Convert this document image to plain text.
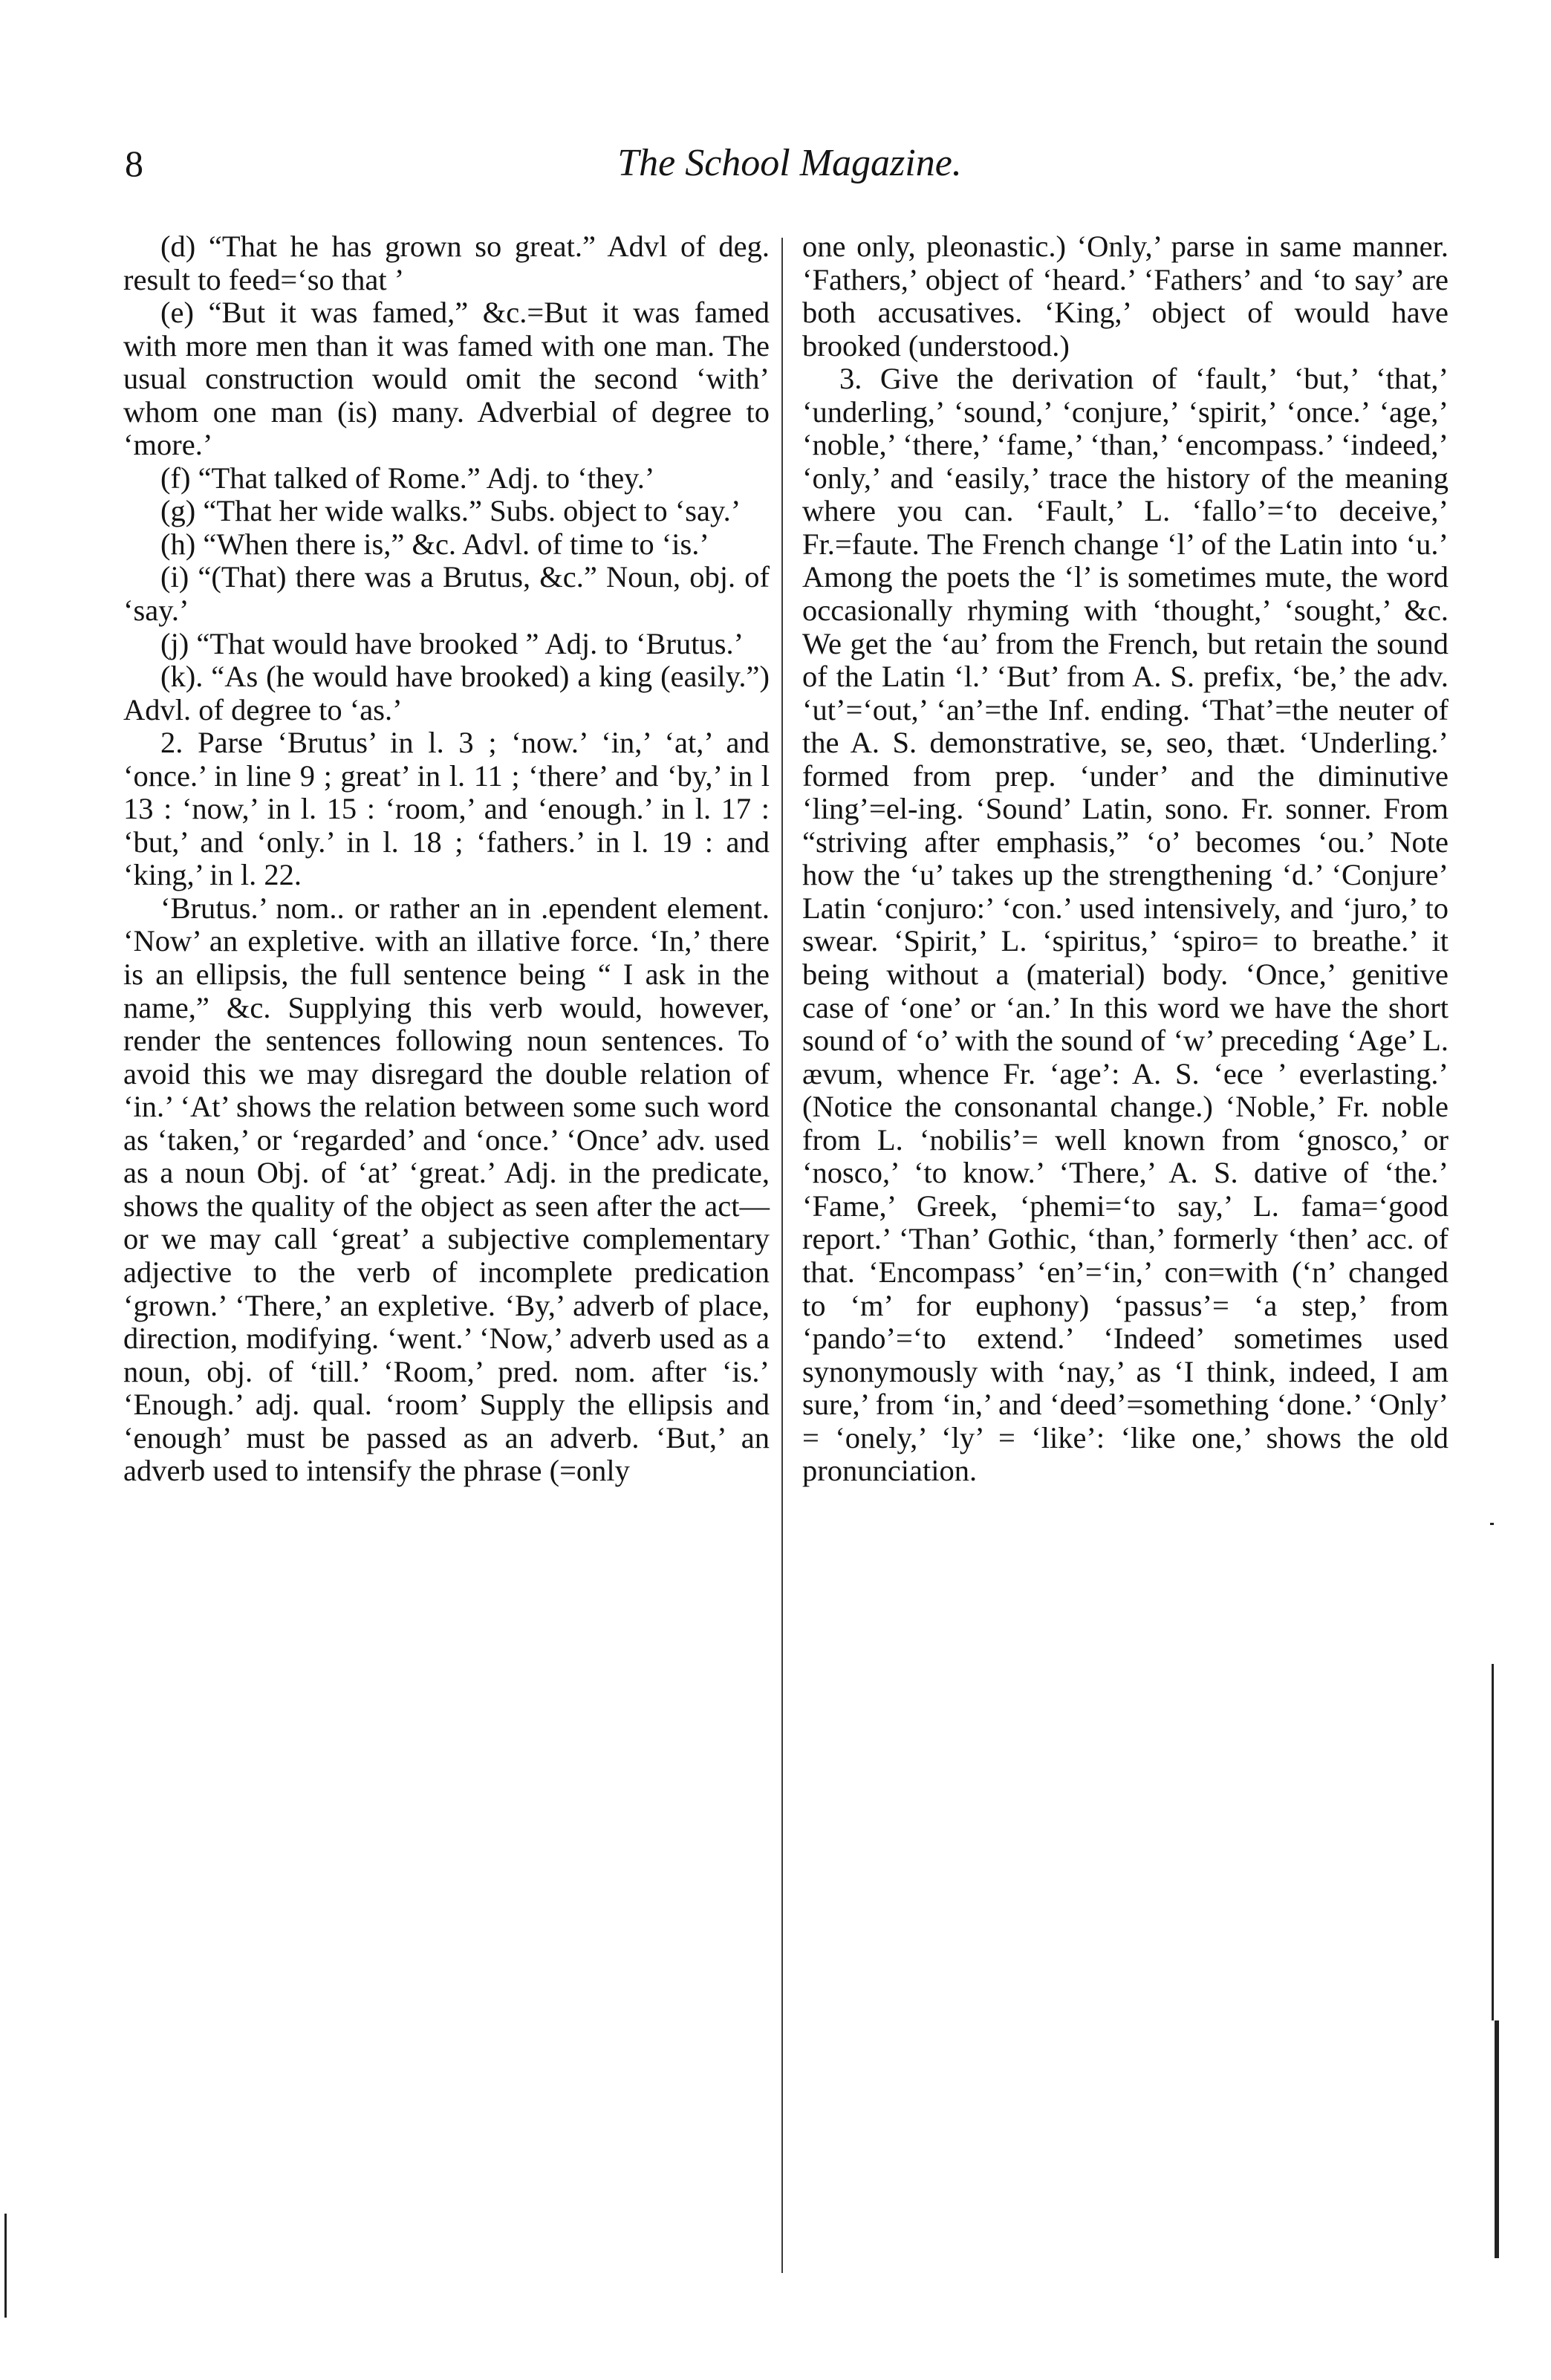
8	The School Magazine.

(d) “That he has grown so great.” Advl of deg. result to feed=‘so that ’

(e) “But it was famed,” &c.=But it was famed with more men than it was famed with one man. The usual construction would omit the second ‘with’ whom one man (is) many. Adverbial of degree to ‘more.’

(f) “That talked of Rome.” Adj. to ‘they.’

(g) “That her wide walks.” Subs. object to ‘say.’

(h) “When there is,” &c. Advl. of time to ‘is.’

(i) “(That) there was a Brutus, &c.” Noun, obj. of ‘say.’

(j) “That would have brooked ” Adj. to ‘Brutus.’

(k). “As (he would have brooked) a king (easily.”) Advl. of degree to ‘as.’

2. Parse ‘Brutus’ in l. 3 ; ‘now.’ ‘in,’ ‘at,’ and ‘once.’ in line 9 ; great’ in l. 11 ; ‘there’ and ‘by,’ in l 13 : ‘now,’ in l. 15 : ‘room,’ and ‘enough.’ in l. 17 : ‘but,’ and ‘only.’ in l. 18 ; ‘fathers.’ in l. 19 : and ‘king,’ in l. 22.

‘Brutus.’ nom.. or rather an in .ependent element. ‘Now’ an expletive. with an illative force. ‘In,’ there is an ellipsis, the full sentence being “ I ask in the name,” &c. Supplying this verb would, however, render the sentences following noun sentences. To avoid this we may disregard the double relation of ‘in.’ ‘At’ shows the relation between some such word as ‘taken,’ or ‘regarded’ and ‘once.’ ‘Once’ adv. used as a noun Obj. of ‘at’ ‘great.’ Adj. in the predicate, shows the quality of the object as seen after the act—or we may call ‘great’ a subjective complementary adjective to the verb of incomplete predication ‘grown.’ ‘There,’ an expletive. ‘By,’ adverb of place, direction, modifying. ‘went.’ ‘Now,’ adverb used as a noun, obj. of ‘till.’ ‘Room,’ pred. nom. after ‘is.’ ‘Enough.’ adj. qual. ‘room’ Supply the ellipsis and ‘enough’ must be passed as an adverb. ‘But,’ an adverb used to intensify the phrase (=only

one only, pleonastic.) ‘Only,’ parse in same manner. ‘Fathers,’ object of ‘heard.’ ‘Fathers’ and ‘to say’ are both accusatives. ‘King,’ object of would have brooked (understood.)

3. Give the derivation of ‘fault,’ ‘but,’ ‘that,’ ‘underling,’ ‘sound,’ ‘conjure,’ ‘spirit,’ ‘once.’ ‘age,’ ‘noble,’ ‘there,’ ‘fame,’ ‘than,’ ‘encompass.’ ‘indeed,’ ‘only,’ and ‘easily,’ trace the history of the meaning where you can. ‘Fault,’ L. ‘fallo’=‘to deceive,’ Fr.=faute. The French change ‘l’ of the Latin into ‘u.’ Among the poets the ‘l’ is sometimes mute, the word occasionally rhyming with ‘thought,’ ‘sought,’ &c. We get the ‘au’ from the French, but retain the sound of the Latin ‘l.’ ‘But’ from A. S. prefix, ‘be,’ the adv. ‘ut’=‘out,’ ‘an’=the Inf. ending. ‘That’=the neuter of the A. S. demonstrative, se, seo, thæt. ‘Underling.’ formed from prep. ‘under’ and the diminutive ‘ling’=el-ing. ‘Sound’ Latin, sono. Fr. sonner. From “striving after emphasis,” ‘o’ becomes ‘ou.’ Note how the ‘u’ takes up the strengthening ‘d.’ ‘Conjure’ Latin ‘conjuro:’ ‘con.’ used intensively, and ‘juro,’ to swear. ‘Spirit,’ L. ‘spiritus,’ ‘spiro= to breathe.’ it being without a (material) body. ‘Once,’ genitive case of ‘one’ or ‘an.’ In this word we have the short sound of ‘o’ with the sound of ‘w’ preceding ‘Age’ L. ævum, whence Fr. ‘age’: A. S. ‘ece ’ everlasting.’ (Notice the consonantal change.) ‘Noble,’ Fr. noble from L. ‘nobilis’= well known from ‘gnosco,’ or ‘nosco,’ ‘to know.’ ‘There,’ A. S. dative of ‘the.’ ‘Fame,’ Greek, ‘phemi=‘to say,’ L. fama=‘good report.’ ‘Than’ Gothic, ‘than,’ formerly ‘then’ acc. of that. ‘Encompass’ ‘en’=‘in,’ con=with (‘n’ changed to ‘m’ for euphony) ‘passus’= ‘a step,’ from ‘pando’=‘to extend.’ ‘Indeed’ sometimes used synonymously with ‘nay,’ as ‘I think, indeed, I am sure,’ from ‘in,’ and ‘deed’=something ‘done.’ ‘Only’ = ‘onely,’ ‘ly’ = ‘like’: ‘like one,’ shows the old pronunciation.
